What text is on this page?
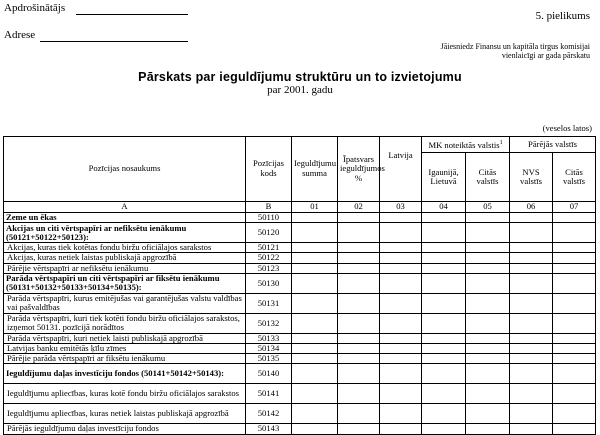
Apdrošinātājs
Adrese
5. pielikums
Jāiesniedz Finansu un kapitāla tirgus komisijai
vienlaicīgi ar gada pārskatu
Pārskats par ieguldījumu struktūru un to izvietojumu
par 2001. gadu
(veselos latos)
Pozīcijas nosaukums	Pozīcijas kods	Ieguldījumu summa	Īpatsvars ieguldījumos %	Latvija	MK noteiktās valstis$^1$		Pārējās valstīs	
					Igaunijā, Lietuvā	Citās valstīs	NVS valstīs	Citās valstīs
A	B	01	02	03	04	05	06	07
Zeme un ēkas	50110							
Akcijas un citi vērtspapīri ar nefiksētu ienākumu (50121+50122+50123):	50120							
Akcijas, kuras tiek kotētas fondu biržu oficiālajos sarakstos	50121							
Akcijas, kuras netiek laistas publiskajā apgrozībā	50122							
Pārējie vērtspapīri ar nefiksētu ienākumu	50123							
Parāda vērtspapīri un citi vērtspapīri ar fiksētu ienākumu (50131+50132+50133+50134+50135):	50130							
Parāda vērtspapīri, kurus emitējušas vai garantējušas valstu valdības vai pašvaldības	50131							
Parāda vērtspapīri, kuri tiek kotēti fondu biržu oficiālajos sarakstos, izņemot 50131. pozīcijā norādītos	50132							
Parāda vērtspapīri, kuri netiek laisti publiskajā apgrozībā	50133							
Latvijas banku emitētās ķīlu zīmes	50134							
Pārējie parāda vērtspapīri ar fiksētu ienākumu	50135							
Ieguldījumu daļas investīciju fondos (50141+50142+50143):	50140							
Ieguldījumu apliecības, kuras kotē fondu biržu oficiālajos sarakstos	50141							
Ieguldījumu apliecības, kuras netiek laistas publiskajā apgrozībā	50142							
Pārējās ieguldījumu daļas investīciju fondos	50143							
